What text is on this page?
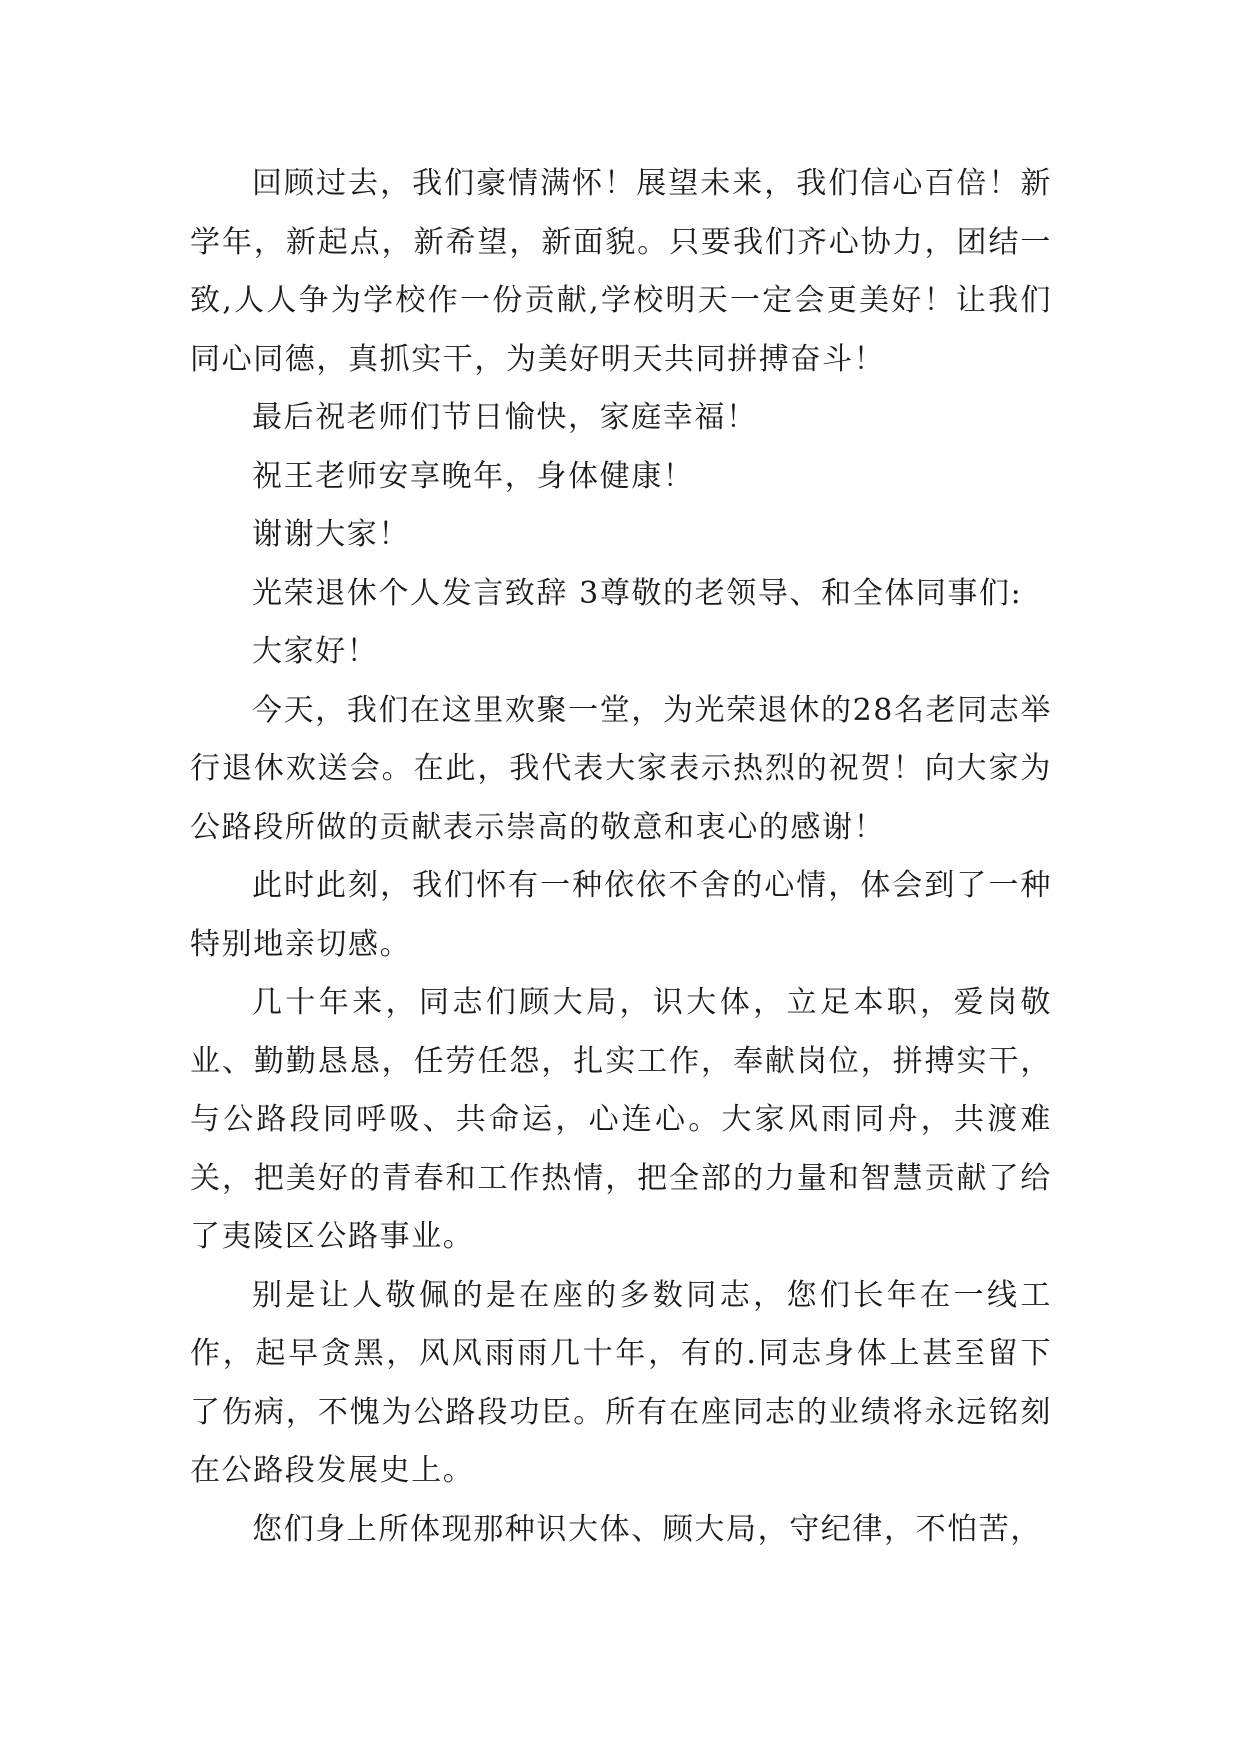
回顾过去，我们豪情满怀！展望未来，我们信心百倍！新学年，新起点，新希望，新面貌。只要我们齐心协力，团结一致,人人争为学校作一份贡献,学校明天一定会更美好！让我们同心同德，真抓实干，为美好明天共同拼搏奋斗！

最后祝老师们节日愉快，家庭幸福！

祝王老师安享晚年，身体健康！

谢谢大家！

光荣退休个人发言致辞 3尊敬的老领导、和全体同事们:

大家好！

今天，我们在这里欢聚一堂，为光荣退休的28名老同志举行退休欢送会。在此，我代表大家表示热烈的祝贺！向大家为公路段所做的贡献表示崇高的敬意和衷心的感谢！

此时此刻，我们怀有一种依依不舍的心情，体会到了一种特别地亲切感。

几十年来，同志们顾大局，识大体，立足本职，爱岗敬业、勤勤恳恳，任劳任怨，扎实工作，奉献岗位，拼搏实干，与公路段同呼吸、共命运，心连心。大家风雨同舟，共渡难关，把美好的青春和工作热情，把全部的力量和智慧贡献了给了夷陵区公路事业。

别是让人敬佩的是在座的多数同志，您们长年在一线工作，起早贪黑，风风雨雨几十年，有的.同志身体上甚至留下了伤病，不愧为公路段功臣。所有在座同志的业绩将永远铭刻在公路段发展史上。

您们身上所体现那种识大体、顾大局，守纪律，不怕苦，
